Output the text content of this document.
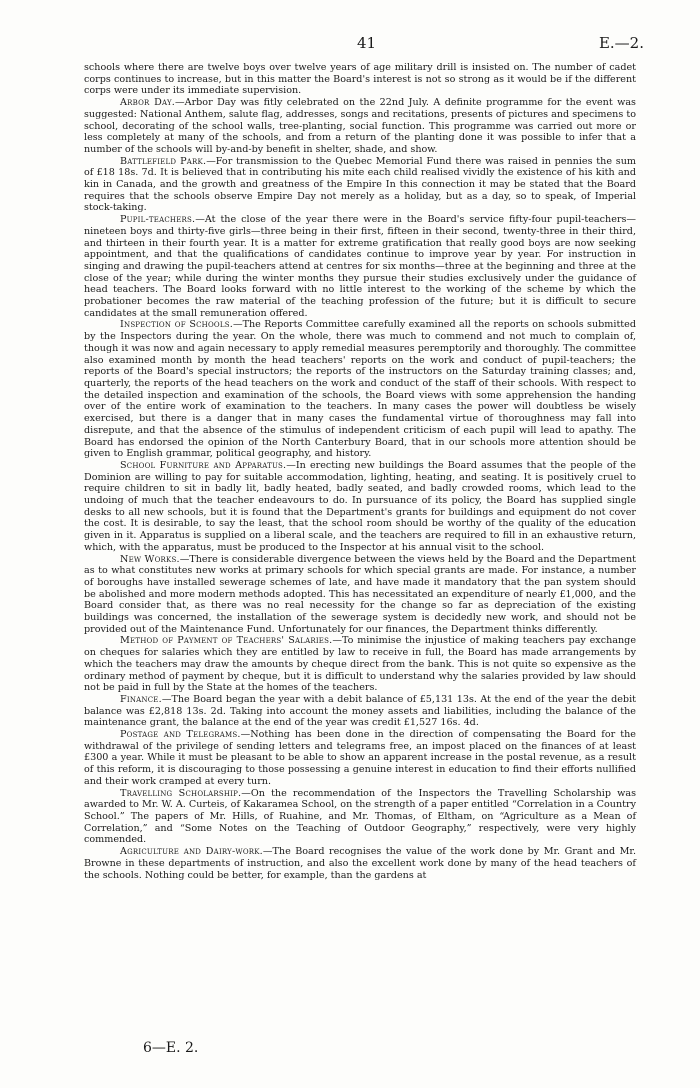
41	E.—2.

schools where there are twelve boys over twelve years of age military drill is insisted on. The number of cadet corps continues to increase, but in this matter the Board's interest is not so strong as it would be if the different corps were under its immediate supervision.

Arbor Day.—Arbor Day was fitly celebrated on the 22nd July. A definite programme for the event was suggested: National Anthem, salute flag, addresses, songs and recitations, presents of pictures and specimens to school, decorating of the school walls, tree-planting, social function. This programme was carried out more or less completely at many of the schools, and from a return of the planting done it was possible to infer that a number of the schools will by-and-by benefit in shelter, shade, and show.

Battlefield Park.—For transmission to the Quebec Memorial Fund there was raised in pennies the sum of £18 18s. 7d. It is believed that in contributing his mite each child realised vividly the existence of his kith and kin in Canada, and the growth and greatness of the Empire In this connection it may be stated that the Board requires that the schools observe Empire Day not merely as a holiday, but as a day, so to speak, of Imperial stock-taking.

Pupil-teachers.—At the close of the year there were in the Board's service fifty-four pupil-teachers—nineteen boys and thirty-five girls—three being in their first, fifteen in their second, twenty-three in their third, and thirteen in their fourth year. It is a matter for extreme gratification that really good boys are now seeking appointment, and that the qualifications of candidates continue to improve year by year. For instruction in singing and drawing the pupil-teachers attend at centres for six months—three at the beginning and three at the close of the year; while during the winter months they pursue their studies exclusively under the guidance of head teachers. The Board looks forward with no little interest to the working of the scheme by which the probationer becomes the raw material of the teaching profession of the future; but it is difficult to secure candidates at the small remuneration offered.

Inspection of Schools.—The Reports Committee carefully examined all the reports on schools submitted by the Inspectors during the year. On the whole, there was much to commend and not much to complain of, though it was now and again necessary to apply remedial measures peremptorily and thoroughly. The committee also examined month by month the head teachers' reports on the work and conduct of pupil-teachers; the reports of the Board's special instructors; the reports of the instructors on the Saturday training classes; and, quarterly, the reports of the head teachers on the work and conduct of the staff of their schools. With respect to the detailed inspection and examination of the schools, the Board views with some apprehension the handing over of the entire work of examination to the teachers. In many cases the power will doubtless be wisely exercised, but there is a danger that in many cases the fundamental virtue of thoroughness may fall into disrepute, and that the absence of the stimulus of independent criticism of each pupil will lead to apathy. The Board has endorsed the opinion of the North Canterbury Board, that in our schools more attention should be given to English grammar, political geography, and history.

School Furniture and Apparatus.—In erecting new buildings the Board assumes that the people of the Dominion are willing to pay for suitable accommodation, lighting, heating, and seating. It is positively cruel to require children to sit in badly lit, badly heated, badly seated, and badly crowded rooms, which lead to the undoing of much that the teacher endeavours to do. In pursuance of its policy, the Board has supplied single desks to all new schools, but it is found that the Department's grants for buildings and equipment do not cover the cost. It is desirable, to say the least, that the school room should be worthy of the quality of the education given in it. Apparatus is supplied on a liberal scale, and the teachers are required to fill in an exhaustive return, which, with the apparatus, must be produced to the Inspector at his annual visit to the school.

New Works.—There is considerable divergence between the views held by the Board and the Department as to what constitutes new works at primary schools for which special grants are made. For instance, a number of boroughs have installed sewerage schemes of late, and have made it mandatory that the pan system should be abolished and more modern methods adopted. This has necessitated an expenditure of nearly £1,000, and the Board consider that, as there was no real necessity for the change so far as depreciation of the existing buildings was concerned, the installation of the sewerage system is decidedly new work, and should not be provided out of the Maintenance Fund. Unfortunately for our finances, the Department thinks differently.

Method of Payment of Teachers' Salaries.—To minimise the injustice of making teachers pay exchange on cheques for salaries which they are entitled by law to receive in full, the Board has made arrangements by which the teachers may draw the amounts by cheque direct from the bank. This is not quite so expensive as the ordinary method of payment by cheque, but it is difficult to understand why the salaries provided by law should not be paid in full by the State at the homes of the teachers.

Finance.—The Board began the year with a debit balance of £5,131 13s. At the end of the year the debit balance was £2,818 13s. 2d. Taking into account the money assets and liabilities, including the balance of the maintenance grant, the balance at the end of the year was credit £1,527 16s. 4d.

Postage and Telegrams.—Nothing has been done in the direction of compensating the Board for the withdrawal of the privilege of sending letters and telegrams free, an impost placed on the finances of at least £300 a year. While it must be pleasant to be able to show an apparent increase in the postal revenue, as a result of this reform, it is discouraging to those possessing a genuine interest in education to find their efforts nullified and their work cramped at every turn.

Travelling Scholarship.—On the recommendation of the Inspectors the Travelling Scholarship was awarded to Mr. W. A. Curteis, of Kakaramea School, on the strength of a paper entitled “Correlation in a Country School.” The papers of Mr. Hills, of Ruahine, and Mr. Thomas, of Eltham, on “Agriculture as a Mean of Correlation,” and “Some Notes on the Teaching of Outdoor Geography,” respectively, were very highly commended.

Agriculture and Dairy-work.—The Board recognises the value of the work done by Mr. Grant and Mr. Browne in these departments of instruction, and also the excellent work done by many of the head teachers of the schools. Nothing could be better, for example, than the gardens at

6—E. 2.
